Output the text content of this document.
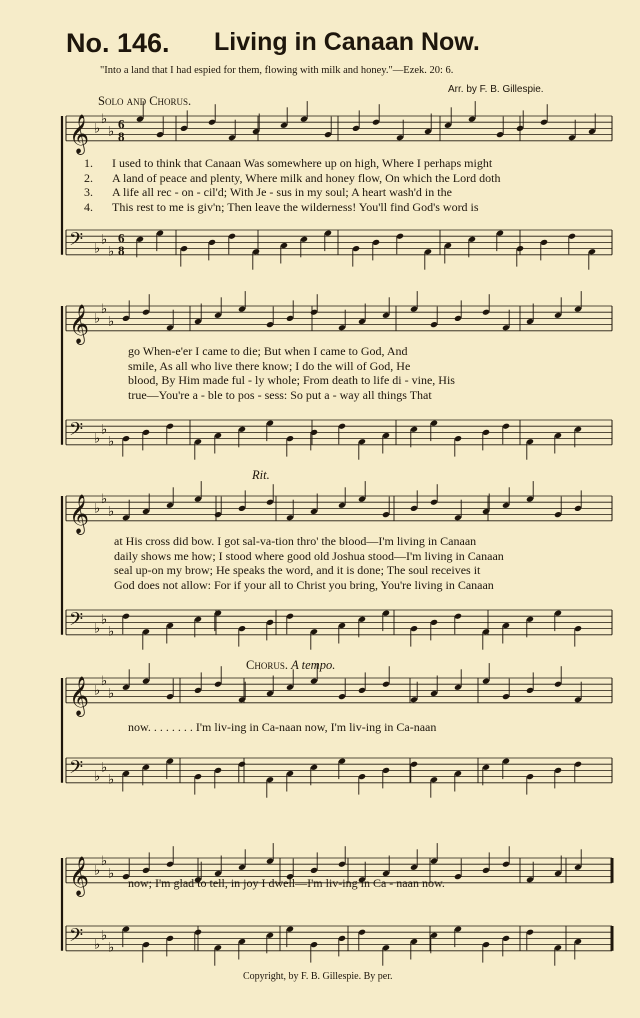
No. 146. Living in Canaan Now.
"Into a land that I had espied for them, flowing with milk and honey."—Ezek. 20: 6.
Arr. by F. B. Gillespie.
Solo and Chorus.
Rit.
Chorus. A tempo.
𝄞 ♭
♭
♭ 6
8
𝄢 ♭
♭
♭
6
8
𝄞 ♭
♭
♭
𝄢 ♭
♭
♭
𝄞 ♭
♭
♭
𝄢 ♭
♭
♭
𝄞 ♭
♭
♭
𝄢 ♭
♭
♭
𝄞 ♭
♭
♭
𝄢 ♭
♭
♭
1. I used to think that Canaan Was somewhere up on high, Where I perhaps might
2. A land of peace and plenty, Where milk and honey flow, On which the Lord doth
3. A life all rec - on - cil'd; With Je - sus in my soul; A heart wash'd in the
4. This rest to me is giv'n; Then leave the wilderness! You'll find God's word is
go When-e'er I came to die; But when I came to God, And
smile, As all who live there know; I do the will of God, He
blood, By Him made ful - ly whole; From death to life di - vine, His
true—You're a - ble to pos - sess: So put a - way all things That
at His cross did bow. I got sal-va-tion thro' the blood—I'm living in Canaan
daily shows me how; I stood where good old Joshua stood—I'm living in Canaan
seal up-on my brow; He speaks the word, and it is done; The soul receives it
God does not allow: For if your all to Christ you bring, You're living in Canaan
now. . . . . . . . I'm liv-ing in Ca-naan now, I'm liv-ing in Ca-naan
now; I'm glad to tell, in joy I dwell—I'm liv-ing in Ca - naan now.
Copyright, by F. B. Gillespie. By per.
